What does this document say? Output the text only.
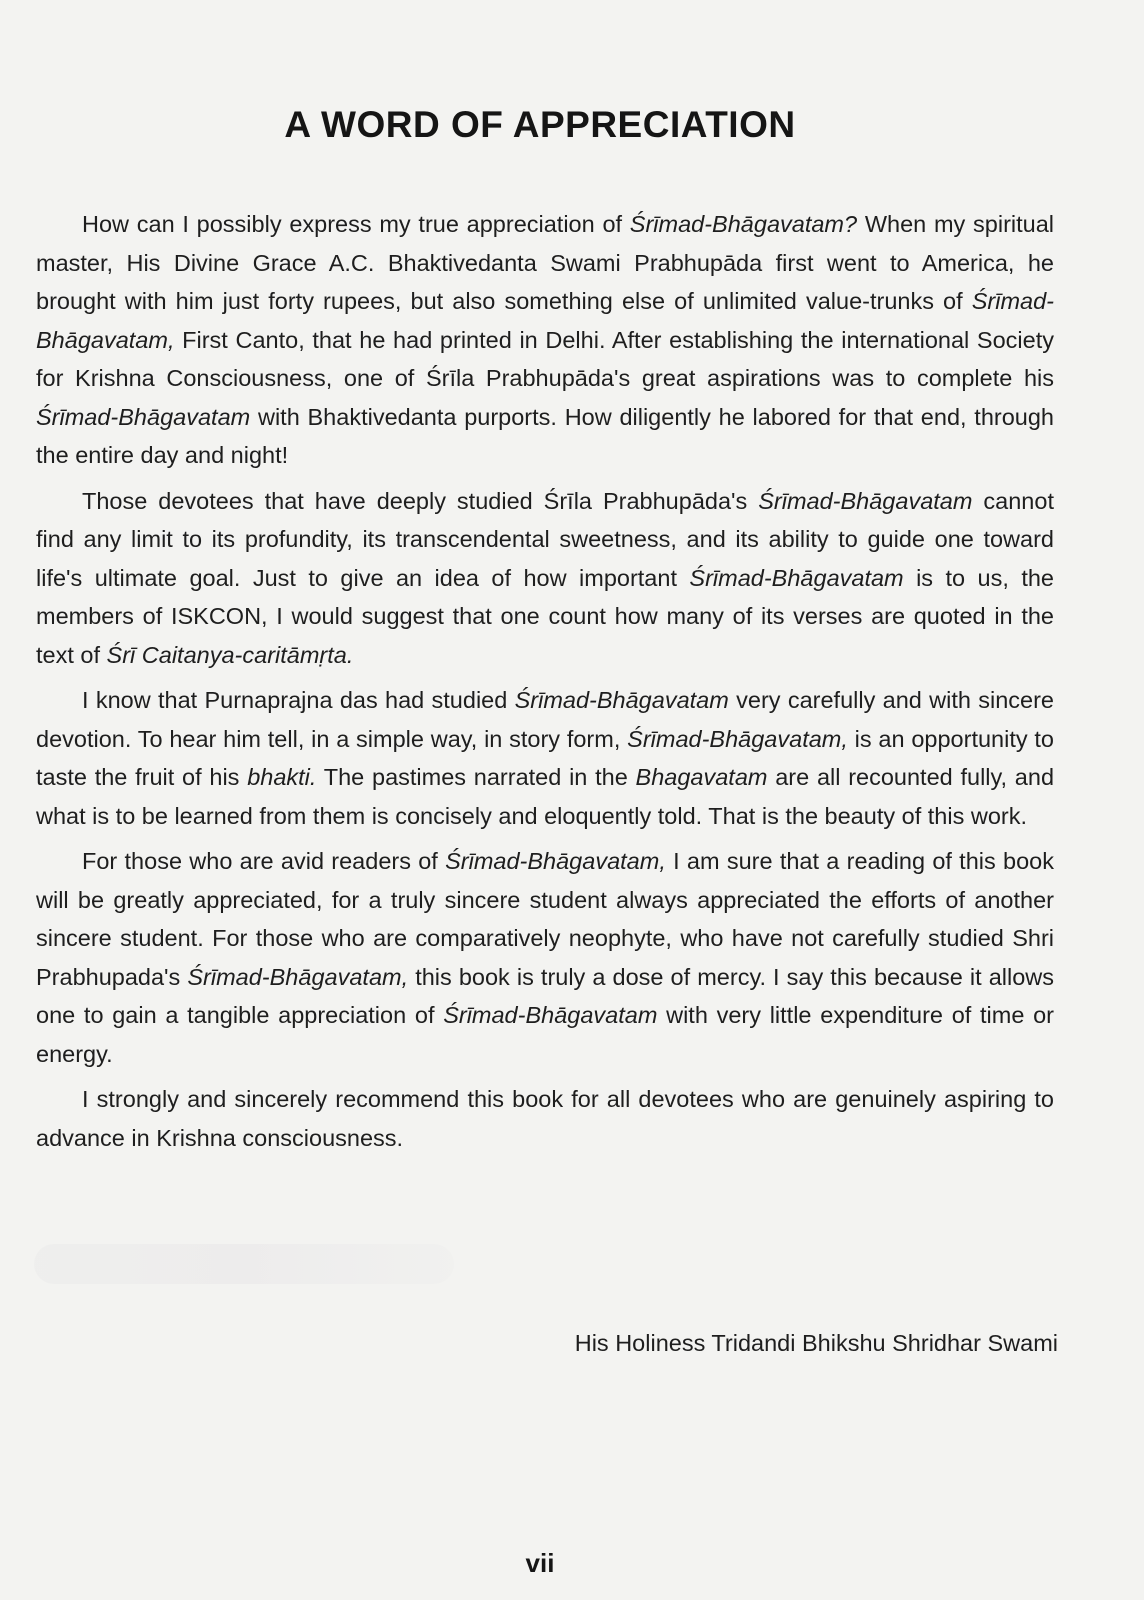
A WORD OF APPRECIATION

How can I possibly express my true appreciation of Śrīmad-Bhāgavatam? When my spiritual master, His Divine Grace A.C. Bhaktivedanta Swami Prabhupāda first went to America, he brought with him just forty rupees, but also something else of unlimited value-trunks of Śrīmad-Bhāgavatam, First Canto, that he had printed in Delhi. After establishing the international Society for Krishna Consciousness, one of Śrīla Prabhupāda's great aspirations was to complete his Śrīmad-Bhāgavatam with Bhaktivedanta purports. How diligently he labored for that end, through the entire day and night!

Those devotees that have deeply studied Śrīla Prabhupāda's Śrīmad-Bhāgavatam cannot find any limit to its profundity, its transcendental sweetness, and its ability to guide one toward life's ultimate goal. Just to give an idea of how important Śrīmad-Bhāgavatam is to us, the members of ISKCON, I would suggest that one count how many of its verses are quoted in the text of Śrī Caitanya-caritāmṛta.

I know that Purnaprajna das had studied Śrīmad-Bhāgavatam very carefully and with sincere devotion. To hear him tell, in a simple way, in story form, Śrīmad-Bhāgavatam, is an opportunity to taste the fruit of his bhakti. The pastimes narrated in the Bhagavatam are all recounted fully, and what is to be learned from them is concisely and eloquently told. That is the beauty of this work.

For those who are avid readers of Śrīmad-Bhāgavatam, I am sure that a reading of this book will be greatly appreciated, for a truly sincere student always appreciated the efforts of another sincere student. For those who are comparatively neophyte, who have not carefully studied Shri Prabhupada's Śrīmad-Bhāgavatam, this book is truly a dose of mercy. I say this because it allows one to gain a tangible appreciation of Śrīmad-Bhāgavatam with very little expenditure of time or energy.

I strongly and sincerely recommend this book for all devotees who are genuinely aspiring to advance in Krishna consciousness.

His Holiness Tridandi Bhikshu Shridhar Swami
vii
